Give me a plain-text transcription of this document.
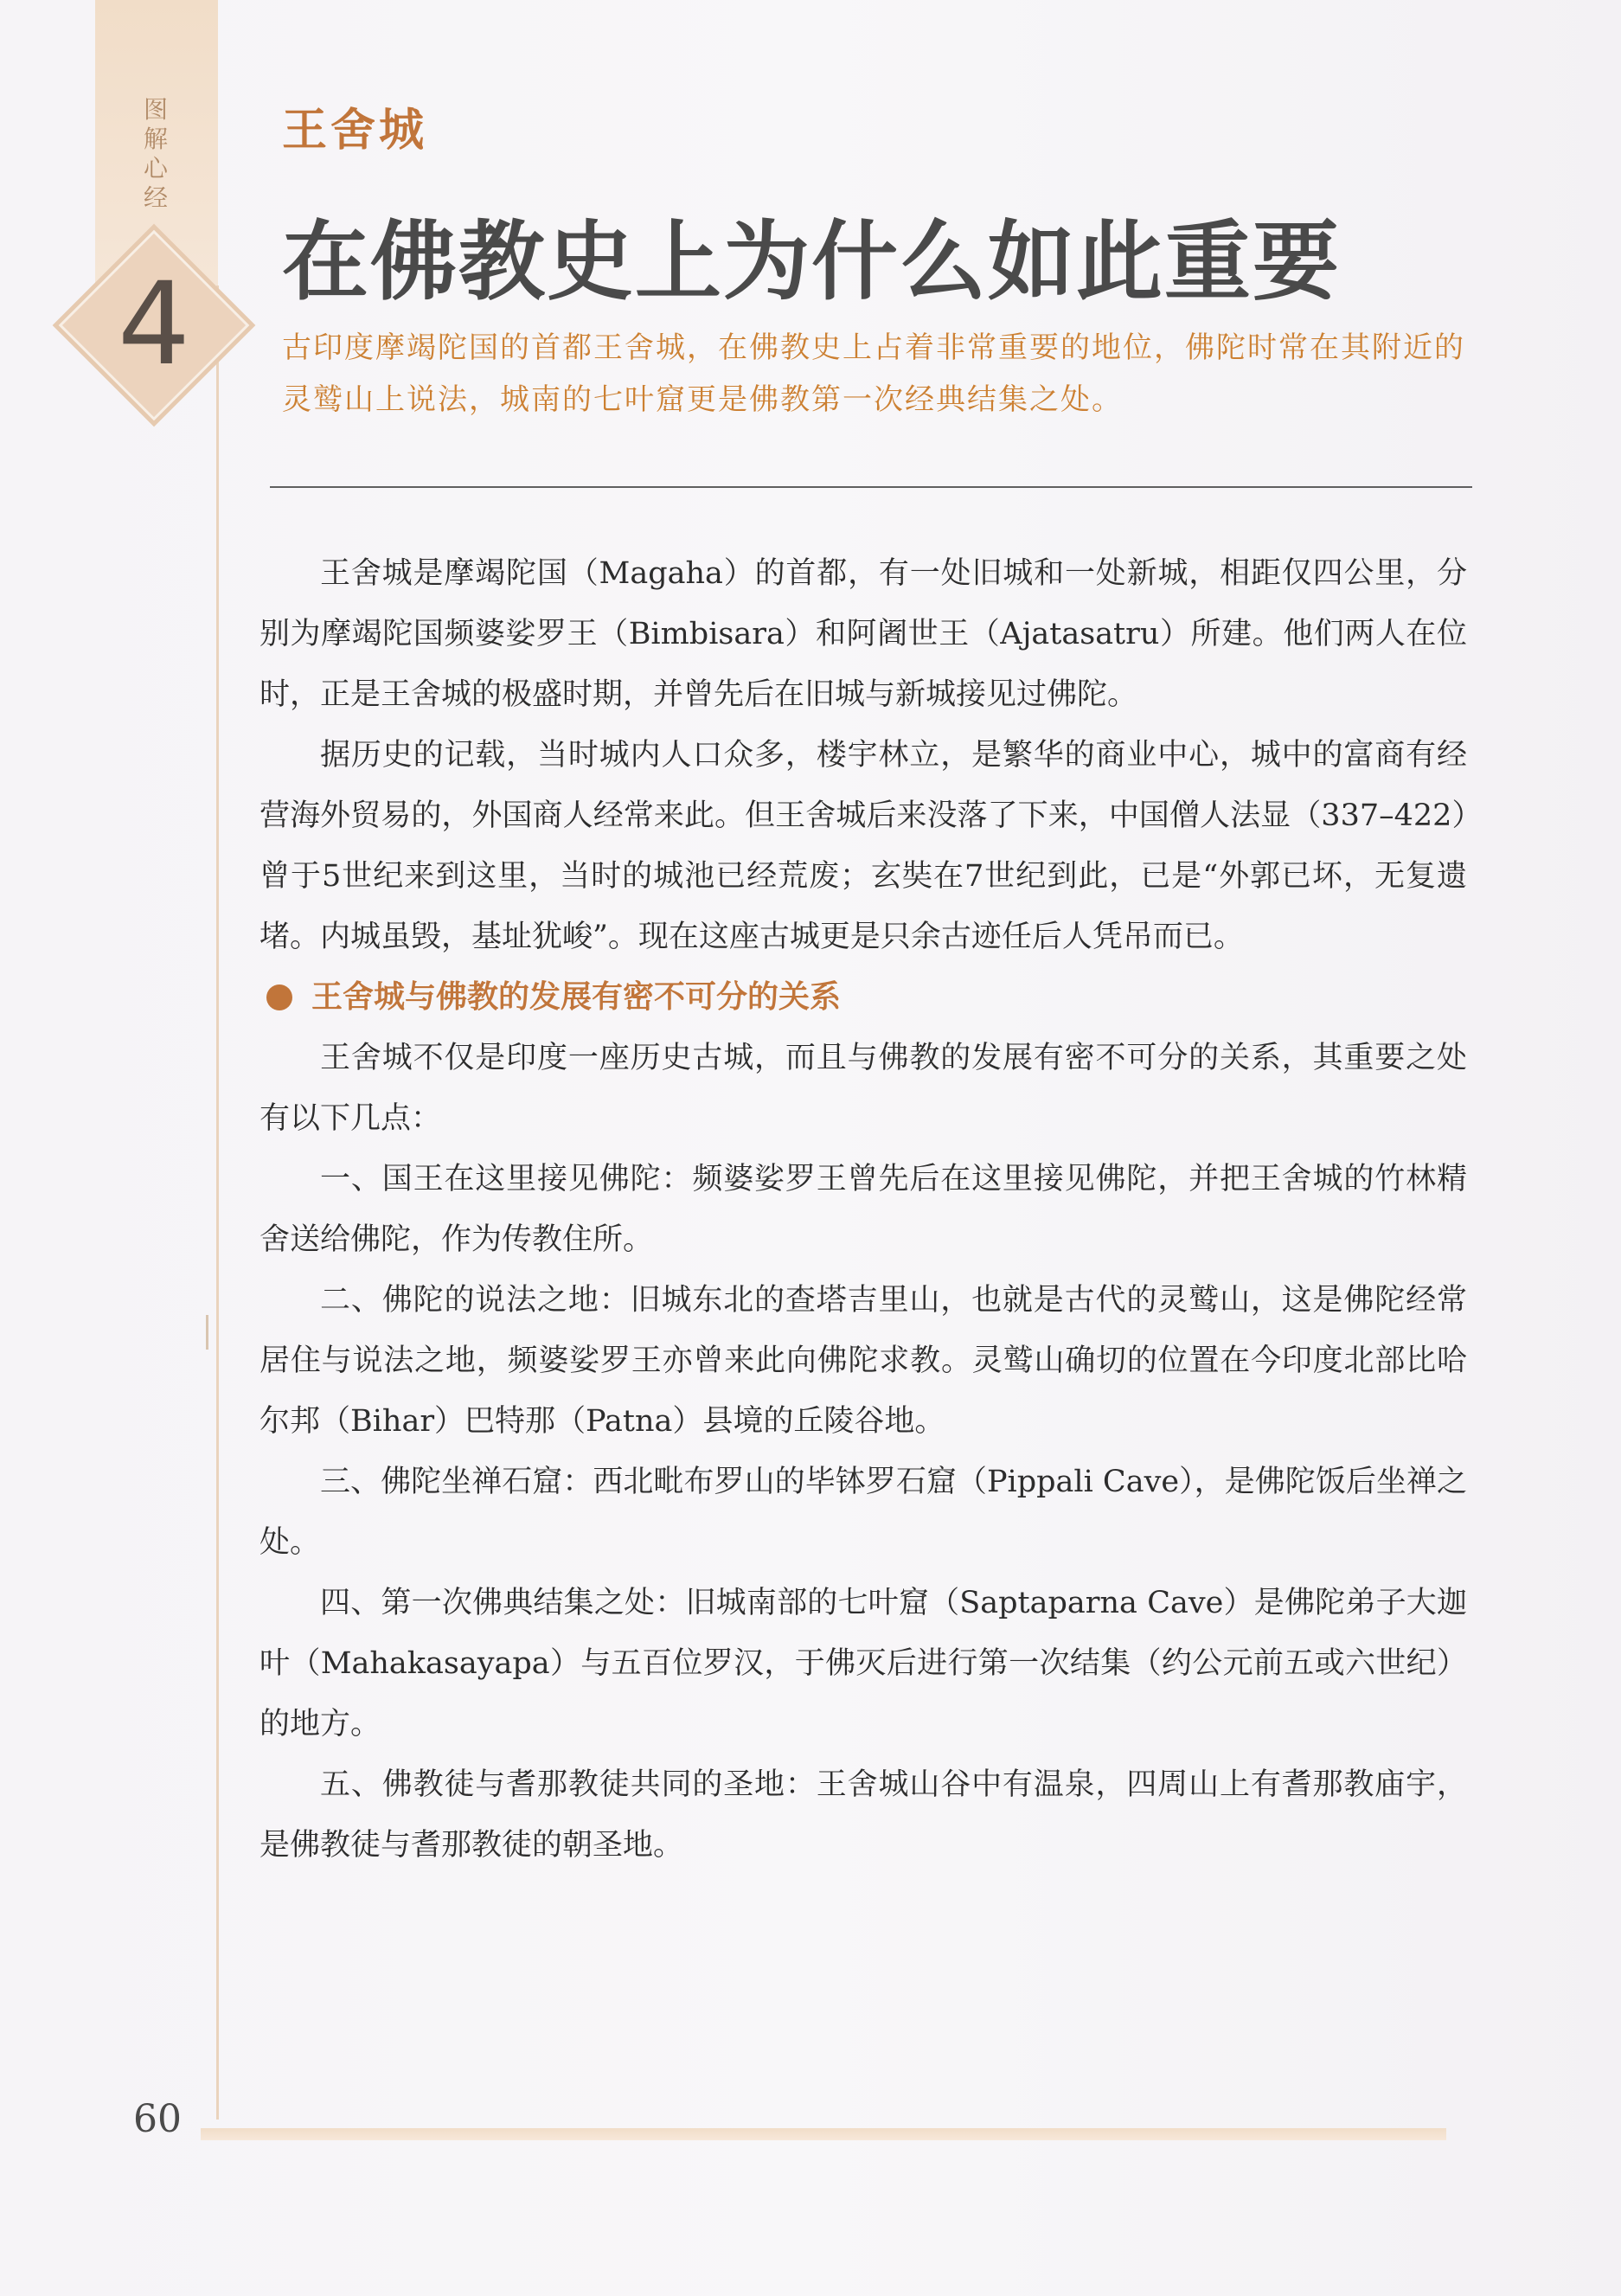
图解心经
4
王舍城
在佛教史上为什么如此重要
古印度摩竭陀国的首都王舍城，在佛教史上占着非常重要的地位，佛陀时常在其附近的灵鹫山上说法，城南的七叶窟更是佛教第一次经典结集之处。

王舍城是摩竭陀国（Magaha）的首都，有一处旧城和一处新城，相距仅四公里，分别为摩竭陀国频婆娑罗王（Bimbisara）和阿阇世王（Ajatasatru）所建。他们两人在位时，正是王舍城的极盛时期，并曾先后在旧城与新城接见过佛陀。

据历史的记载，当时城内人口众多，楼宇林立，是繁华的商业中心，城中的富商有经营海外贸易的，外国商人经常来此。但王舍城后来没落了下来，中国僧人法显（337–422）曾于5世纪来到这里，当时的城池已经荒废；玄奘在7世纪到此，已是“外郭已坏，无复遗堵。内城虽毁，基址犹峻”。现在这座古城更是只余古迹任后人凭吊而已。

王舍城与佛教的发展有密不可分的关系

王舍城不仅是印度一座历史古城，而且与佛教的发展有密不可分的关系，其重要之处有以下几点：

一、国王在这里接见佛陀：频婆娑罗王曾先后在这里接见佛陀，并把王舍城的竹林精舍送给佛陀，作为传教住所。

二、佛陀的说法之地：旧城东北的查塔吉里山，也就是古代的灵鹫山，这是佛陀经常居住与说法之地，频婆娑罗王亦曾来此向佛陀求教。灵鹫山确切的位置在今印度北部比哈尔邦（Bihar）巴特那（Patna）县境的丘陵谷地。

三、佛陀坐禅石窟：西北毗布罗山的毕钵罗石窟（Pippali Cave），是佛陀饭后坐禅之处。

四、第一次佛典结集之处：旧城南部的七叶窟（Saptaparna Cave）是佛陀弟子大迦叶（Mahakasayapa）与五百位罗汉，于佛灭后进行第一次结集（约公元前五或六世纪）的地方。

五、佛教徒与耆那教徒共同的圣地：王舍城山谷中有温泉，四周山上有耆那教庙宇，是佛教徒与耆那教徒的朝圣地。

60
